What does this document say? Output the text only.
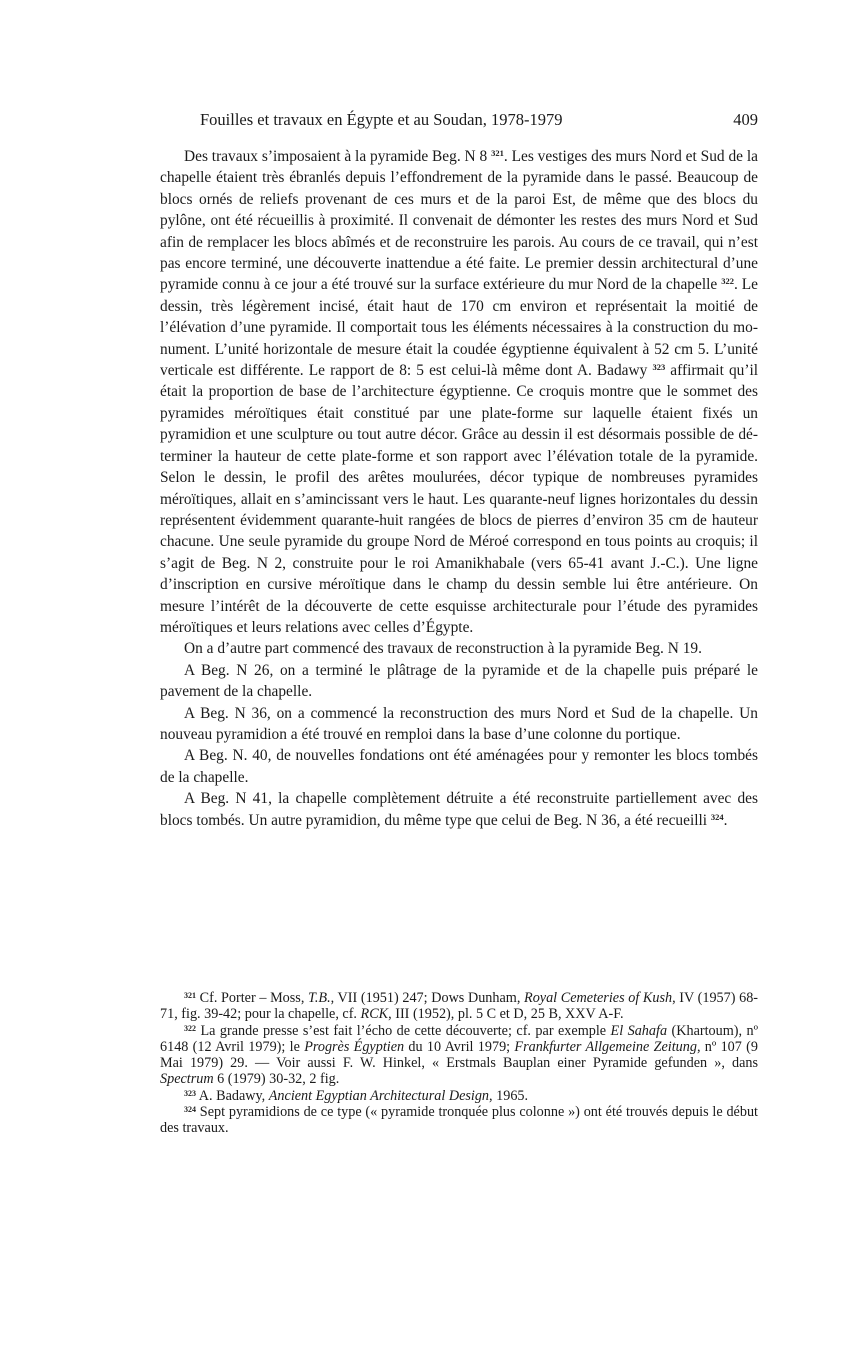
Fouilles et travaux en Égypte et au Soudan, 1978-1979	409

Des travaux s’imposaient à la pyramide Beg. N 8 $^{321}$. Les vestiges des murs Nord et Sud de la chapelle étaient très ébranlés depuis l’effondrement de la pyramide dans le passé. Beaucoup de blocs ornés de reliefs provenant de ces murs et de la paroi Est, de même que des blocs du pylône, ont été récueillis à proximité. Il convenait de démonter les restes des murs Nord et Sud afin de remplacer les blocs abîmés et de reconstruire les parois. Au cours de ce travail, qui n’est pas encore terminé, une découverte inattendue a été faite. Le premier dessin architectural d’une pyramide connu à ce jour a été trouvé sur la surface extérieure du mur Nord de la chapelle $^{322}$. Le dessin, très légèrement incisé, était haut de 170 cm environ et représentait la moitié de l’élévation d’une pyramide. Il comportait tous les éléments nécessaires à la construction du monument. L’unité horizontale de mesure était la coudée égyptienne équivalent à 52 cm 5. L’unité verticale est différente. Le rapport de 8: 5 est celui-là même dont A. Badawy $^{323}$ affirmait qu’il était la proportion de base de l’architecture égyptienne. Ce croquis montre que le sommet des pyramides méroïtiques était constitué par une plate-forme sur laquelle étaient fixés un pyramidion et une sculpture ou tout autre décor. Grâce au dessin il est désormais possible de déterminer la hauteur de cette plate-forme et son rapport avec l’élévation totale de la pyramide. Selon le dessin, le profil des arêtes moulurées, décor typique de nombreuses pyramides méroïtiques, allait en s’amincissant vers le haut. Les quarante-neuf lignes horizontales du dessin représentent évidemment quarante-huit rangées de blocs de pierres d’environ 35 cm de hauteur chacune. Une seule pyramide du groupe Nord de Méroé correspond en tous points au croquis; il s’agit de Beg. N 2, construite pour le roi Amanikhabale (vers 65-41 avant J.-C.). Une ligne d’inscription en cursive méroïtique dans le champ du dessin semble lui être antérieure. On mesure l’intérêt de la découverte de cette esquisse architecturale pour l’étude des pyramides méroïtiques et leurs relations avec celles d’Égypte.

On a d’autre part commencé des travaux de reconstruction à la pyramide Beg. N 19.

A Beg. N 26, on a terminé le plâtrage de la pyramide et de la chapelle puis préparé le pavement de la chapelle.

A Beg. N 36, on a commencé la reconstruction des murs Nord et Sud de la chapelle. Un nouveau pyramidion a été trouvé en remploi dans la base d’une colonne du portique.

A Beg. N. 40, de nouvelles fondations ont été aménagées pour y remonter les blocs tombés de la chapelle.

A Beg. N 41, la chapelle complètement détruite a été reconstruite partiellement avec des blocs tombés. Un autre pyramidion, du même type que celui de Beg. N 36, a été recueilli $^{324}$.

$^{321}$ Cf. Porter – Moss, T.B., VII (1951) 247; Dows Dunham, Royal Cemeteries of Kush, IV (1957) 68-71, fig. 39-42; pour la chapelle, cf. RCK, III (1952), pl. 5 C et D, 25 B, XXV A-F.

$^{322}$ La grande presse s’est fait l’écho de cette découverte; cf. par exemple El Sahafa (Khartoum), nº 6148 (12 Avril 1979); le Progrès Égyptien du 10 Avril 1979; Frankfurter Allgemeine Zeitung, nº 107 (9 Mai 1979) 29. — Voir aussi F. W. Hinkel, « Erstmals Bauplan einer Pyramide gefunden », dans Spectrum 6 (1979) 30-32, 2 fig.

$^{323}$ A. Badawy, Ancient Egyptian Architectural Design, 1965.

$^{324}$ Sept pyramidions de ce type (« pyramide tronquée plus colonne ») ont été trouvés depuis le début des travaux.
